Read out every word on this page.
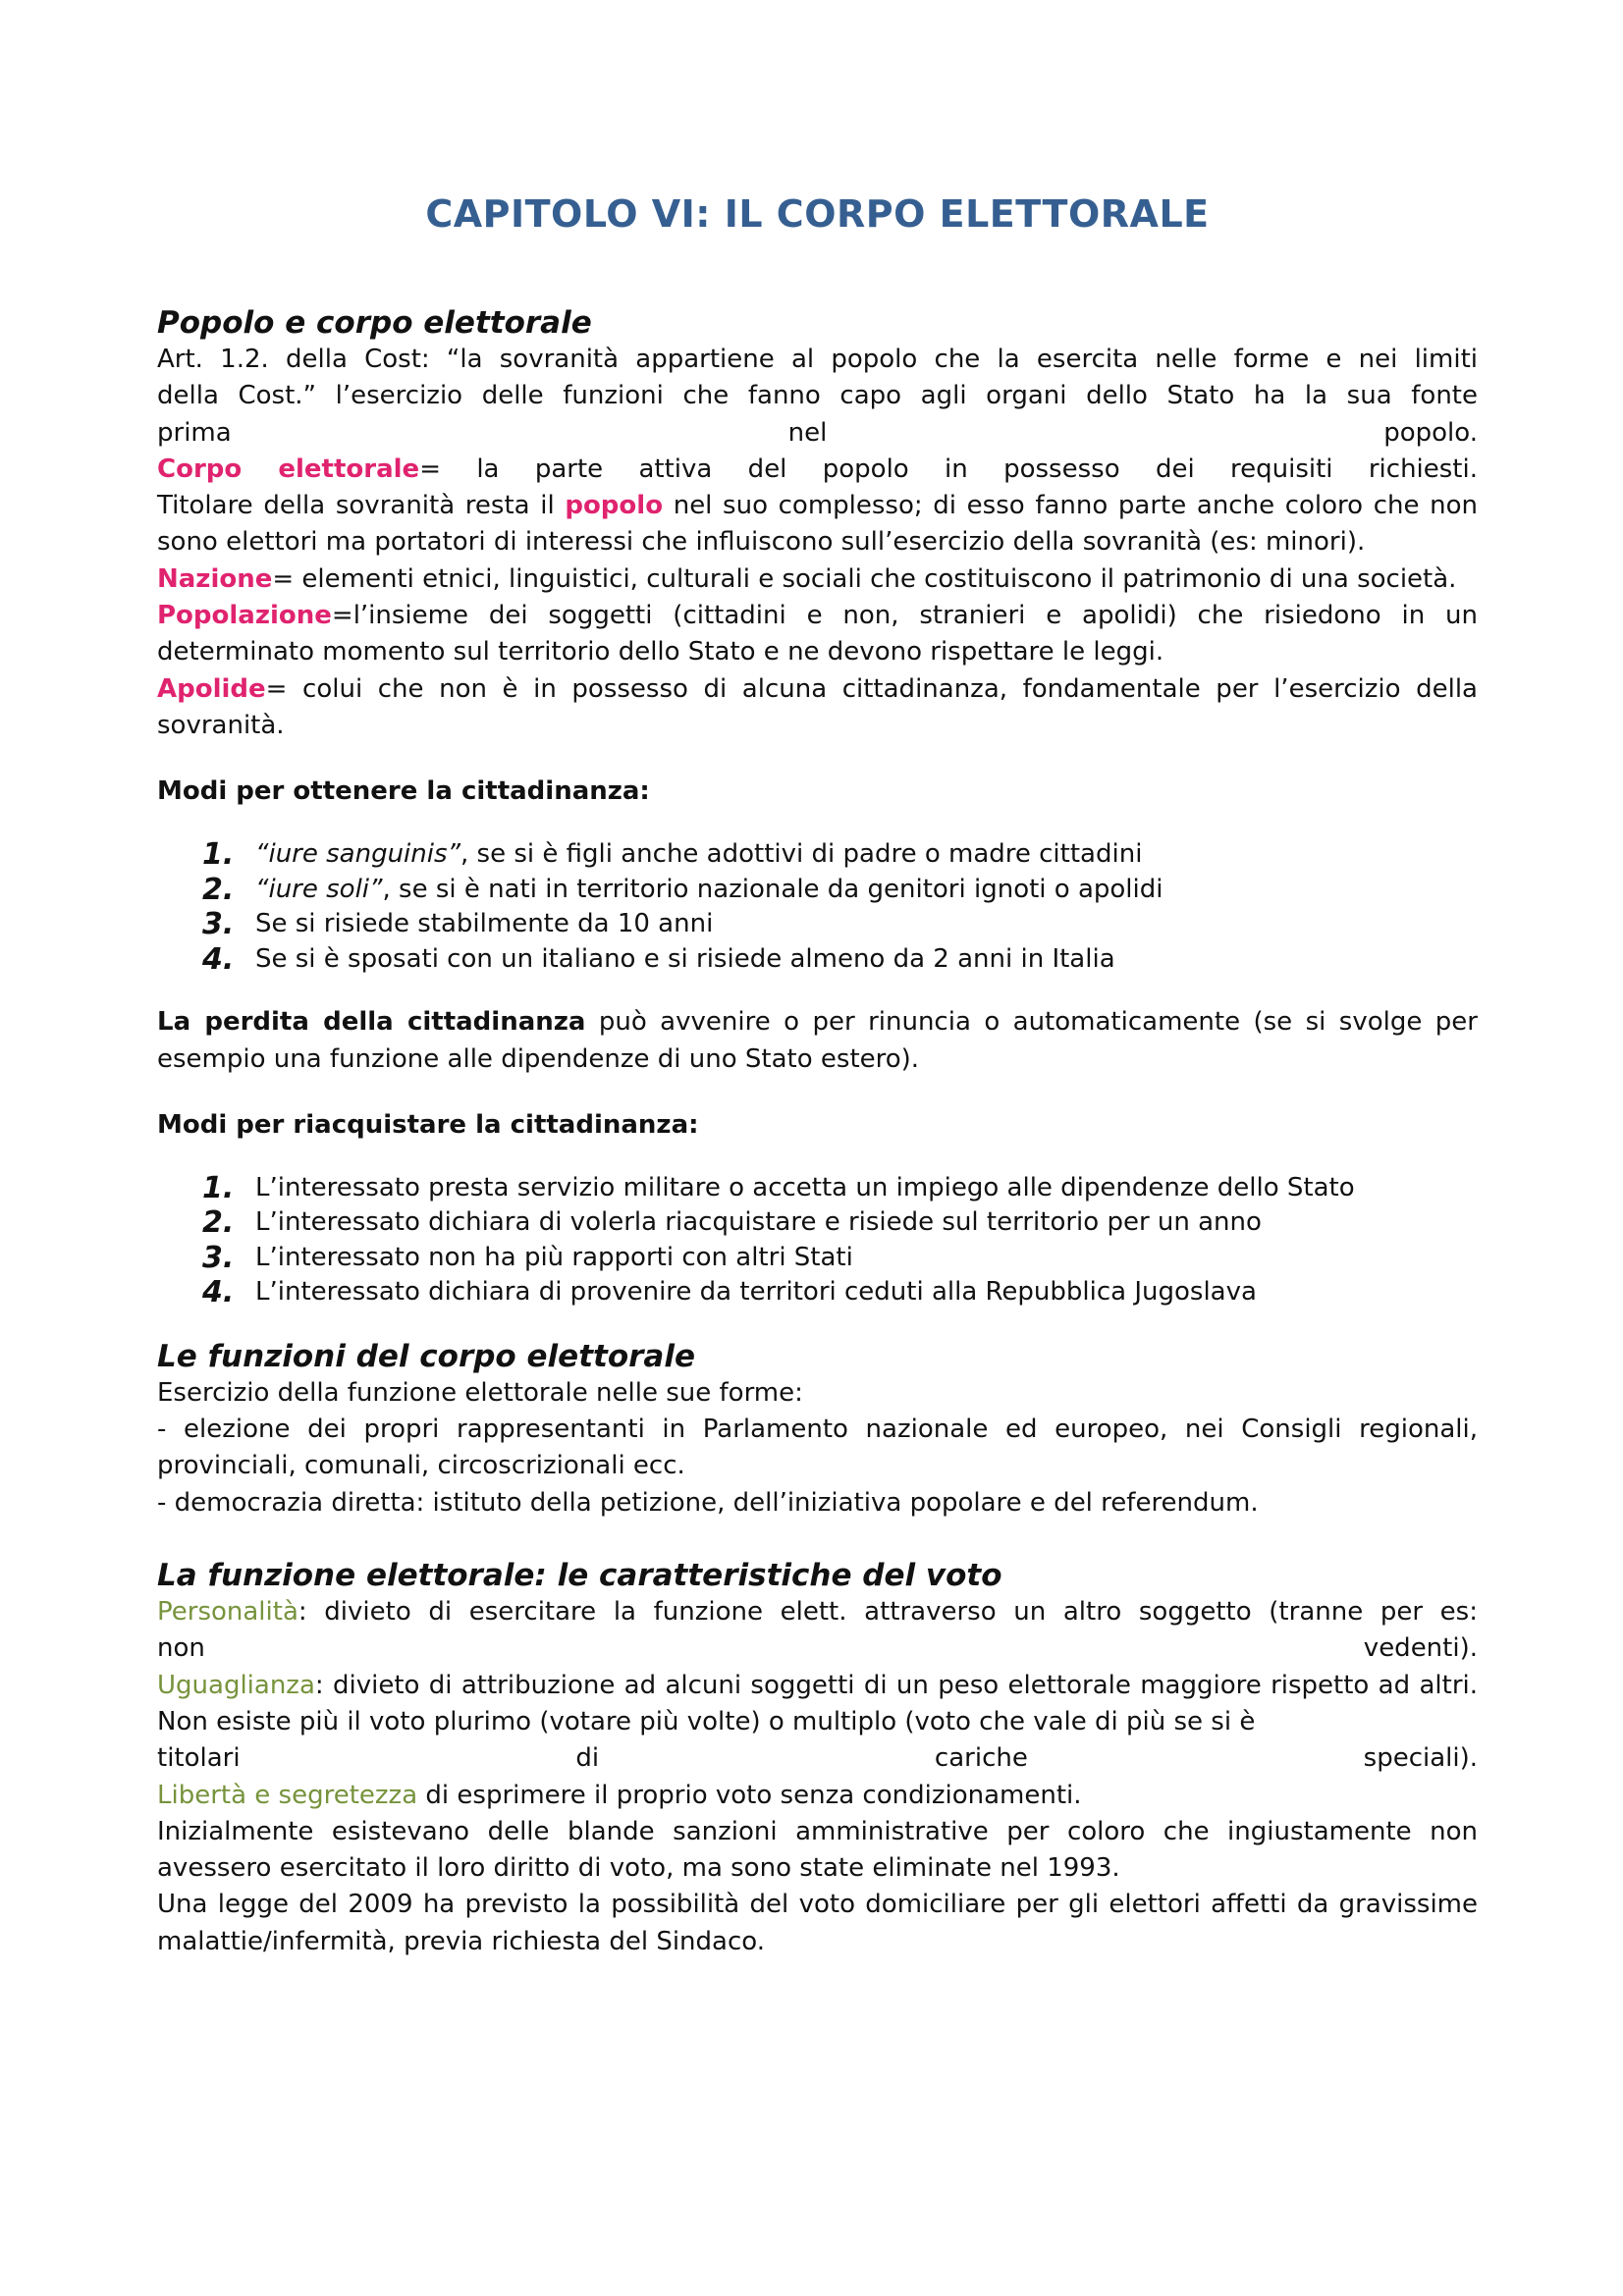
CAPITOLO VI: IL CORPO ELETTORALE
Popolo e corpo elettorale

Art. 1.2. della Cost: “la sovranità appartiene al popolo che la esercita nelle forme e nei limiti

della Cost.” l’esercizio delle funzioni che fanno capo agli organi dello Stato ha la sua fonte

prima nel popolo.

Corpo elettorale= la parte attiva del popolo in possesso dei requisiti richiesti.

Titolare della sovranità resta il popolo nel suo complesso; di esso fanno parte anche coloro che non sono elettori ma portatori di interessi che influiscono sull’esercizio della sovranità (es: minori).

Nazione= elementi etnici, linguistici, culturali e sociali che costituiscono il patrimonio di una società.

Popolazione=l’insieme dei soggetti (cittadini e non, stranieri e apolidi) che risiedono in un determinato momento sul territorio dello Stato e ne devono rispettare le leggi.

Apolide= colui che non è in possesso di alcuna cittadinanza, fondamentale per l’esercizio della sovranità.

Modi per ottenere la cittadinanza:
1. “iure sanguinis”, se si è figli anche adottivi di padre o madre cittadini
2. “iure soli”, se si è nati in territorio nazionale da genitori ignoti o apolidi
3. Se si risiede stabilmente da 10 anni
4. Se si è sposati con un italiano e si risiede almeno da 2 anni in Italia

La perdita della cittadinanza può avvenire o per rinuncia o automaticamente (se si svolge per esempio una funzione alle dipendenze di uno Stato estero).

Modi per riacquistare la cittadinanza:
1. L’interessato presta servizio militare o accetta un impiego alle dipendenze dello Stato
2. L’interessato dichiara di volerla riacquistare e risiede sul territorio per un anno
3. L’interessato non ha più rapporti con altri Stati
4. L’interessato dichiara di provenire da territori ceduti alla Repubblica Jugoslava
Le funzioni del corpo elettorale

Esercizio della funzione elettorale nelle sue forme:

- elezione dei propri rappresentanti in Parlamento nazionale ed europeo, nei Consigli regionali, provinciali, comunali, circoscrizionali ecc.

- democrazia diretta: istituto della petizione, dell’iniziativa popolare e del referendum.

La funzione elettorale: le caratteristiche del voto

Personalità: divieto di esercitare la funzione elett. attraverso un altro soggetto (tranne per es:

non vedenti).

Uguaglianza: divieto di attribuzione ad alcuni soggetti di un peso elettorale maggiore rispetto ad altri. Non esiste più il voto plurimo (votare più volte) o multiplo (voto che vale di più se si è

titolari di cariche speciali).

Libertà e segretezza di esprimere il proprio voto senza condizionamenti.

Inizialmente esistevano delle blande sanzioni amministrative per coloro che ingiustamente non avessero esercitato il loro diritto di voto, ma sono state eliminate nel 1993.

Una legge del 2009 ha previsto la possibilità del voto domiciliare per gli elettori affetti da gravissime malattie/infermità, previa richiesta del Sindaco.
